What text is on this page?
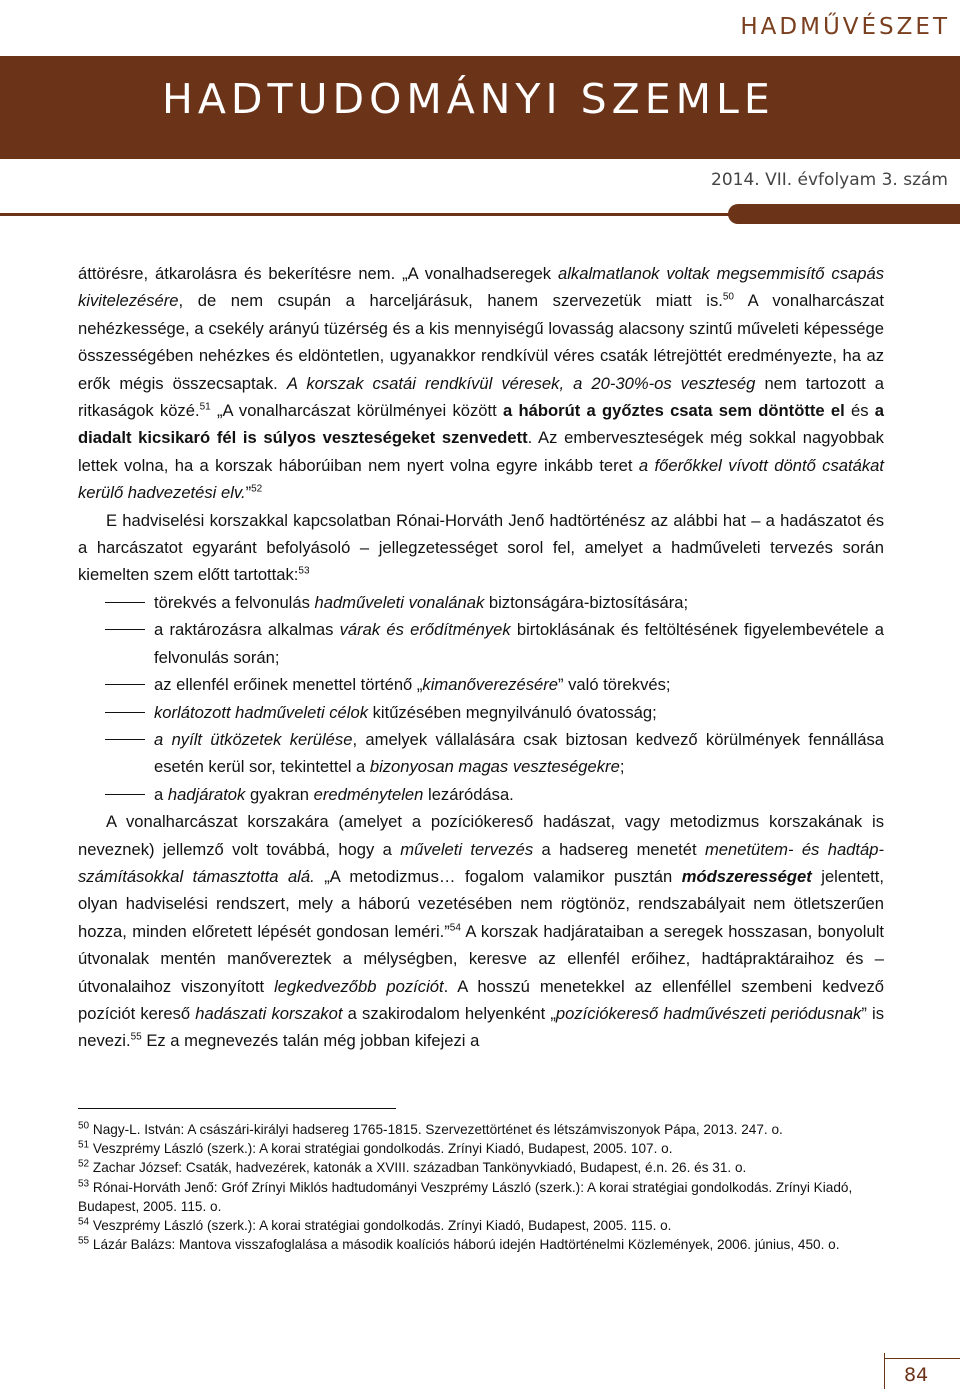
HADMŰVÉSZET
HADTUDOMÁNYI SZEMLE
2014. VII. évfolyam 3. szám

áttörésre, átkarolásra és bekerítésre nem. „A vonalhadseregek alkalmatlanok voltak megsemmisítő csapás kivitelezésére, de nem csupán a harceljárásuk, hanem szervezetük miatt is.$^{50}$ A vonalharcászat nehézkessége, a csekély arányú tüzérség és a kis mennyiségű lovasság alacsony szintű műveleti képessége összességében nehézkes és eldöntetlen, ugyanakkor rendkívül véres csaták létrejöttét eredményezte, ha az erők mégis összecsaptak. A korszak csatái rendkívül véresek, a 20-30%-os veszteség nem tartozott a ritkaságok közé.$^{51}$ „A vonalharcászat körülményei között a háborút a győztes csata sem döntötte el és a diadalt kicsikaró fél is súlyos veszteségeket szenvedett. Az emberveszteségek még sokkal nagyobbak lettek volna, ha a korszak háborúiban nem nyert volna egyre inkább teret a főerőkkel vívott döntő csatákat kerülő hadvezetési elv.”$^{52}$

E hadviselési korszakkal kapcsolatban Rónai-Horváth Jenő hadtörténész az alábbi hat – a hadászatot és a harcászatot egyaránt befolyásoló – jellegzetességet sorol fel, amelyet a hadműveleti tervezés során kiemelten szem előtt tartottak:$^{53}$

törekvés a felvonulás hadműveleti vonalának biztonságára-biztosítására;
a raktározásra alkalmas várak és erődítmények birtoklásának és feltöltésének figyelembevétele a felvonulás során;
az ellenfél erőinek menettel történő „kimanőverezésére” való törekvés;
korlátozott hadműveleti célok kitűzésében megnyilvánuló óvatosság;
a nyílt ütközetek kerülése, amelyek vállalására csak biztosan kedvező körülmények fennállása esetén kerül sor, tekintettel a bizonyosan magas veszteségekre;
a hadjáratok gyakran eredménytelen lezáródása.

A vonalharcászat korszakára (amelyet a pozíciókereső hadászat, vagy metodizmus korszakának is neveznek) jellemző volt továbbá, hogy a műveleti tervezés a hadsereg menetét menetütem- és hadtáp-számításokkal támasztotta alá. „A metodizmus… fogalom valamikor pusztán módszerességet jelentett, olyan hadviselési rendszert, mely a háború vezetésében nem rögtönöz, rendszabályait nem ötletszerűen hozza, minden előretett lépését gondosan leméri.”$^{54}$ A korszak hadjárataiban a seregek hosszasan, bonyolult útvonalak mentén manővereztek a mélységben, keresve az ellenfél erőihez, hadtápraktáraihoz és – útvonalaihoz viszonyított legkedvezőbb pozíciót. A hosszú menetekkel az ellenféllel szembeni kedvező pozíciót kereső hadászati korszakot a szakirodalom helyenként „pozíciókereső hadművészeti periódusnak” is nevezi.$^{55}$ Ez a megnevezés talán még jobban kifejezi a

$^{50}$ Nagy-L. István: A császári-királyi hadsereg 1765-1815. Szervezettörténet és létszámviszonyok Pápa, 2013. 247. o.

$^{51}$ Veszprémy László (szerk.): A korai stratégiai gondolkodás. Zrínyi Kiadó, Budapest, 2005. 107. o.

$^{52}$ Zachar József: Csaták, hadvezérek, katonák a XVIII. században Tankönyvkiadó, Budapest, é.n. 26. és 31. o.

$^{53}$ Rónai-Horváth Jenő: Gróf Zrínyi Miklós hadtudományi Veszprémy László (szerk.): A korai stratégiai gondolkodás. Zrínyi Kiadó, Budapest, 2005. 115. o.

$^{54}$ Veszprémy László (szerk.): A korai stratégiai gondolkodás. Zrínyi Kiadó, Budapest, 2005. 115. o.

$^{55}$ Lázár Balázs: Mantova visszafoglalása a második koalíciós háború idején Hadtörténelmi Közlemények, 2006. június, 450. o.

84
